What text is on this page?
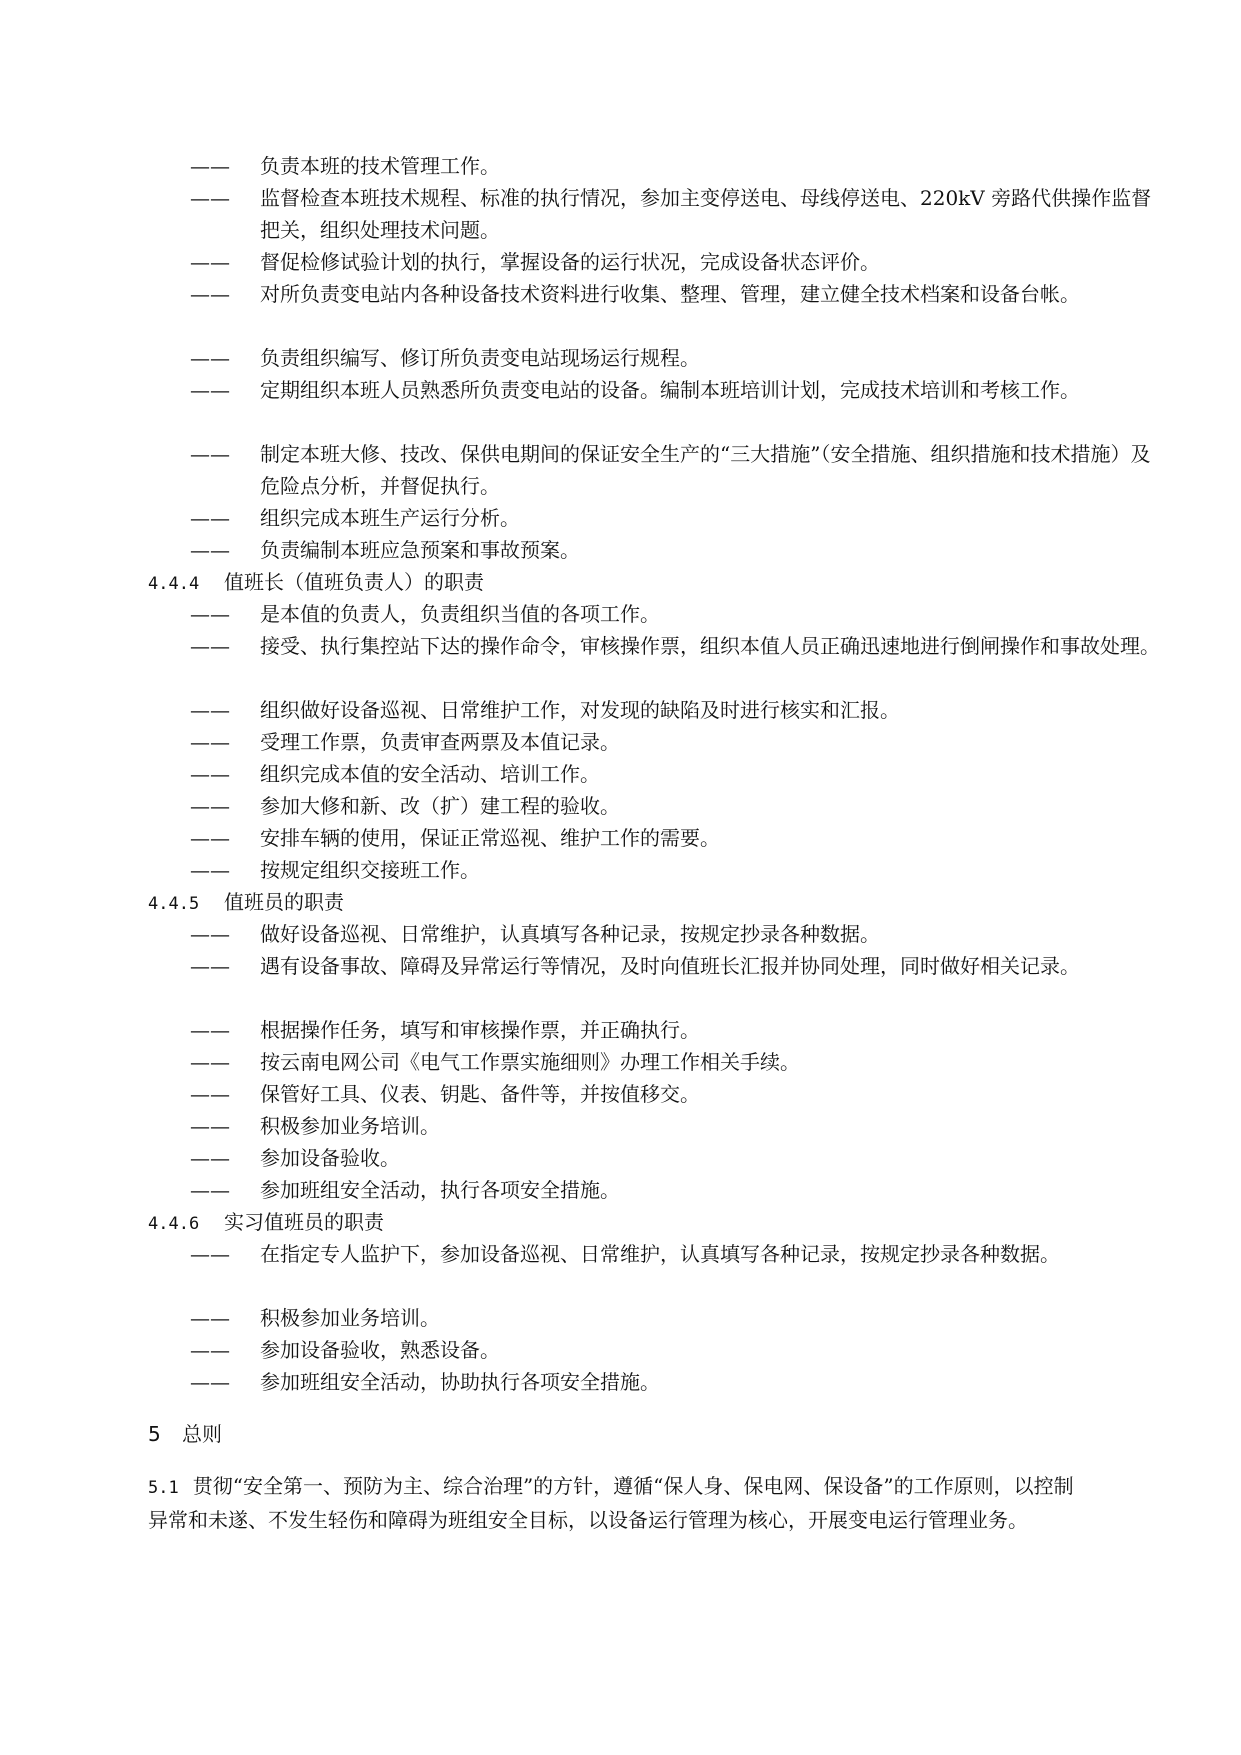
—— 负责本班的技术管理工作。

—— 监督检查本班技术规程、标准的执行情况，参加主变停送电、母线停送电、220kV 旁路代供操作监督把关，组织处理技术问题。

—— 督促检修试验计划的执行，掌握设备的运行状况，完成设备状态评价。

—— 对所负责变电站内各种设备技术资料进行收集、整理、管理，建立健全技术档案和设备台帐。

—— 负责组织编写、修订所负责变电站现场运行规程。

—— 定期组织本班人员熟悉所负责变电站的设备。编制本班培训计划，完成技术培训和考核工作。

—— 制定本班大修、技改、保供电期间的保证安全生产的“三大措施”（安全措施、组织措施和技术措施）及危险点分析，并督促执行。

—— 组织完成本班生产运行分析。

—— 负责编制本班应急预案和事故预案。

4.4.4 值班长（值班负责人）的职责

—— 是本值的负责人，负责组织当值的各项工作。

—— 接受、执行集控站下达的操作命令，审核操作票，组织本值人员正确迅速地进行倒闸操作和事故处理。

—— 组织做好设备巡视、日常维护工作，对发现的缺陷及时进行核实和汇报。

—— 受理工作票，负责审查两票及本值记录。

—— 组织完成本值的安全活动、培训工作。

—— 参加大修和新、改（扩）建工程的验收。

—— 安排车辆的使用，保证正常巡视、维护工作的需要。

—— 按规定组织交接班工作。

4.4.5 值班员的职责

—— 做好设备巡视、日常维护，认真填写各种记录，按规定抄录各种数据。

—— 遇有设备事故、障碍及异常运行等情况，及时向值班长汇报并协同处理，同时做好相关记录。

—— 根据操作任务，填写和审核操作票，并正确执行。

—— 按云南电网公司《电气工作票实施细则》办理工作相关手续。

—— 保管好工具、仪表、钥匙、备件等，并按值移交。

—— 积极参加业务培训。

—— 参加设备验收。

—— 参加班组安全活动，执行各项安全措施。

4.4.6 实习值班员的职责

—— 在指定专人监护下，参加设备巡视、日常维护，认真填写各种记录，按规定抄录各种数据。

—— 积极参加业务培训。

—— 参加设备验收，熟悉设备。

—— 参加班组安全活动，协助执行各项安全措施。

5 总则

5.1 贯彻“安全第一、预防为主、综合治理”的方针，遵循“保人身、保电网、保设备”的工作原则，以控制异常和未遂、不发生轻伤和障碍为班组安全目标，以设备运行管理为核心，开展变电运行管理业务。
